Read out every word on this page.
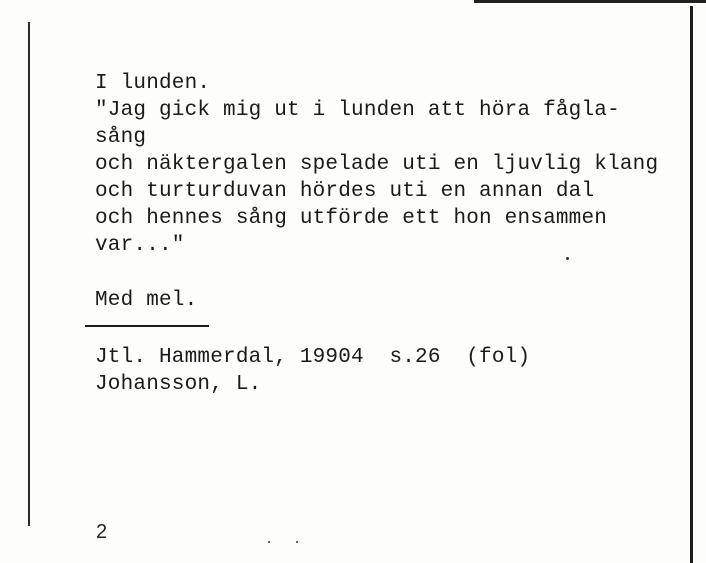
I lunden.
"Jag gick mig ut i lunden att höra fågla-
sång
och näktergalen spelade uti en ljuvlig klang
och turturduvan hördes uti en annan dal
och hennes sång utförde ett hon ensammen
var..."
Med mel.
Jtl. Hammerdal, 19904  s.26  (fol)
Johansson, L.
2
